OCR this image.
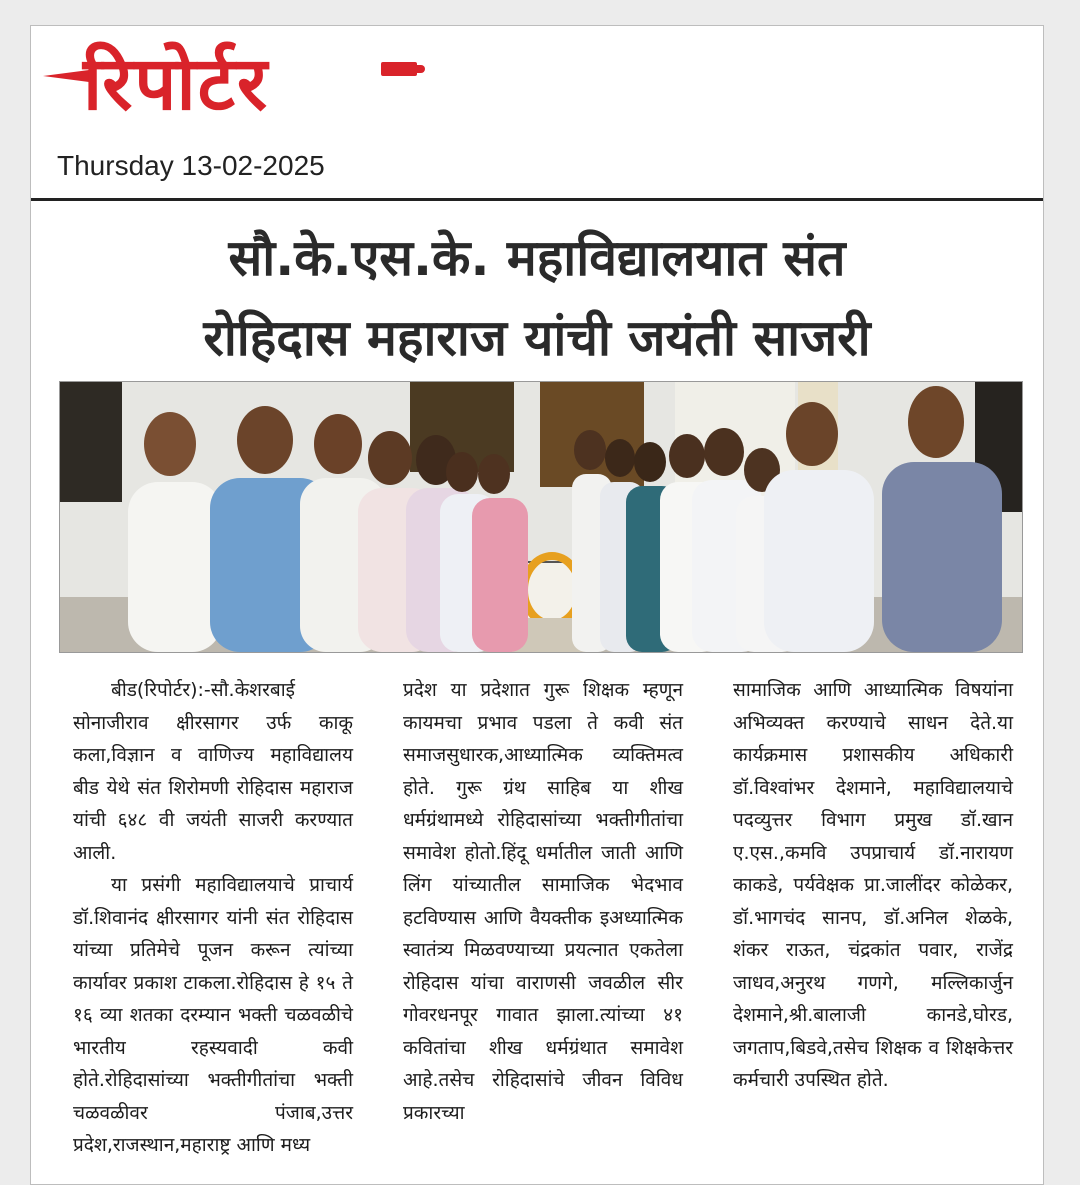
रिपोर्टर
Thursday 13-02-2025
सौ.के.एस.के. महाविद्यालयात संत
रोहिदास महाराज यांची जयंती साजरी

बीड(रिपोर्टर):-सौ.केशरबाई सोनाजीराव क्षीरसागर उर्फ काकू कला,विज्ञान व वाणिज्य महाविद्यालय बीड येथे संत शिरोमणी रोहिदास महाराज यांची ६४८ वी जयंती साजरी करण्यात आली.

या प्रसंगी महाविद्यालयाचे प्राचार्य डॉ.शिवानंद क्षीरसागर यांनी संत रोहिदास यांच्या प्रतिमेचे पूजन करून त्यांच्या कार्यावर प्रकाश टाकला.रोहिदास हे १५ ते १६ व्या शतका दरम्यान भक्ती चळवळीचे भारतीय रहस्यवादी कवी होते.रोहिदासांच्या भक्तीगीतांचा भक्ती चळवळीवर पंजाब,उत्तर प्रदेश,राजस्थान,महाराष्ट्र आणि मध्य

प्रदेश या प्रदेशात गुरू शिक्षक म्हणून कायमचा प्रभाव पडला ते कवी संत समाजसुधारक,आध्यात्मिक व्यक्तिमत्व होते. गुरू ग्रंथ साहिब या शीख धर्मग्रंथामध्ये रोहिदासांच्या भक्तीगीतांचा समावेश होतो.हिंदू धर्मातील जाती आणि लिंग यांच्यातील सामाजिक भेदभाव हटविण्यास आणि वैयक्तीक इअध्यात्मिक स्वातंत्र्य मिळवण्याच्या प्रयत्नात एकतेला रोहिदास यांचा वाराणसी जवळील सीर गोवरधनपूर गावात झाला.त्यांच्या ४१ कवितांचा शीख धर्मग्रंथात समावेश आहे.तसेच रोहिदासांचे जीवन विविध प्रकारच्या

सामाजिक आणि आध्यात्मिक विषयांना अभिव्यक्त करण्याचे साधन देते.या कार्यक्रमास प्रशासकीय अधिकारी डॉ.विश्वांभर देशमाने, महाविद्यालयाचे पदव्युत्तर विभाग प्रमुख डॉ.खान ए.एस.,कमवि उपप्राचार्य डॉ.नारायण काकडे, पर्यवेक्षक प्रा.जालींदर कोळेकर, डॉ.भागचंद सानप, डॉ.अनिल शेळके, शंकर राऊत, चंद्रकांत पवार, राजेंद्र जाधव,अनुरथ गणगे, मल्लिकार्जुन देशमाने,श्री.बालाजी कानडे,घोरड, जगताप,बिडवे,तसेच शिक्षक व शिक्षकेत्तर कर्मचारी उपस्थित होते.
